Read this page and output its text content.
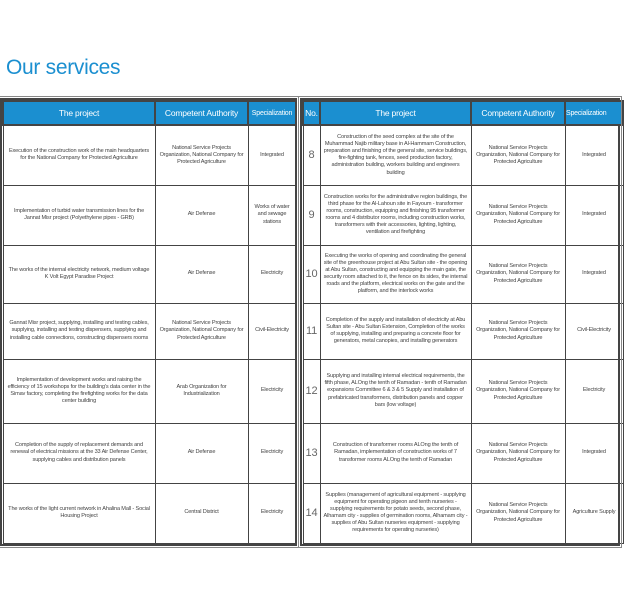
Our services
The project	Competent Authority	Specialization
Execution of the construction work of the main headquarters for the National Company for Protected Agriculture	National Service Projects Organization, National Company for Protected Agriculture	Integrated
Implementation of turbid water transmission lines for the Jannat Misr project (Polyethylene pipes - GRB)	Air Defense	Works of water and sewage stations
The works of the internal electricity network, medium voltage K Volt Egypt Paradise Project	Air Defense	Electricity
Gannat Misr project, supplying, installing and testing cables, supplying, installing and testing dispensers, supplying and installing cable connections, constructing dispensers rooms	National Service Projects Organization, National Company for Protected Agriculture	Civil-Electricity
Implementation of development works and raising the efficiency of 15 workshops for the building's data center in the Simav factory, completing the firefighting works for the data center building	Arab Organization for Industrialization	Electricity
Completion of the supply of replacement demands and renewal of electrical missions at the 33 Air Defense Center, supplying cables and distribution panels	Air Defense	Electricity
The works of the light current network in Ahalina Mall - Social Housing Project	Central District	Electricity
No.	The project	Competent Authority	Specialization
8	Construction of the seed complex at the site of the Muhammad Najib military base in Al-Hammam Construction, preparation and finishing of the general site, service buildings, fire-fighting tank, fences, seed production factory, administration building, workers building and engineers building	National Service Projects Organization, National Company for Protected Agriculture	Integrated
9	Construction works for the administrative region buildings, the third phase for the Al-Lahoun site in Fayoum - transformer rooms, construction, equipping and finishing 95 transformer rooms and 4 distributor rooms, including construction works, transformers with their accessories, lighting, lighting, ventilation and firefighting	National Service Projects Organization, National Company for Protected Agriculture	Integrated
10	Executing the works of opening and coordinating the general site of the greenhouse project at Abu Sultan site - the opening at Abu Sultan, constructing and equipping the main gate, the security room attached to it, the fence on its sides, the internal roads and the platform, electrical works on the gate and the platform, and the interlock works	National Service Projects Organization, National Company for Protected Agriculture	Integrated
11	Completion of the supply and installation of electricity at Abu Sultan site - Abu Sultan Extension, Completion of the works of supplying, installing and preparing a concrete floor for generators, metal canopies, and installing generators	National Service Projects Organization, National Company for Protected Agriculture	Civil-Electricity
12	Supplying and installing internal electrical requirements, the fifth phase, ALOng the tenth of Ramadan - tenth of Ramadan expansions Committee 6 & 3 & 5 Supply and installation of prefabricated transformers, distribution panels and copper bars (low voltage)	National Service Projects Organization, National Company for Protected Agriculture	Electricity
13	Construction of transformer rooms ALOng the tenth of Ramadan, implementation of construction works of 7 transformer rooms ALOng the tenth of Ramadan	National Service Projects Organization, National Company for Protected Agriculture	Integrated
14	Supplies (management of agricultural equipment - supplying equipment for operating pigeon and tenth nurseries - supplying requirements for potato seeds, second phase, Alhamam city - supplies of germination rooms, Alhamam city - supplies of Abu Sultan nurseries equipment - supplying requirements for operating nurseries)	National Service Projects Organization, National Company for Protected Agriculture	Agriculture Supply
